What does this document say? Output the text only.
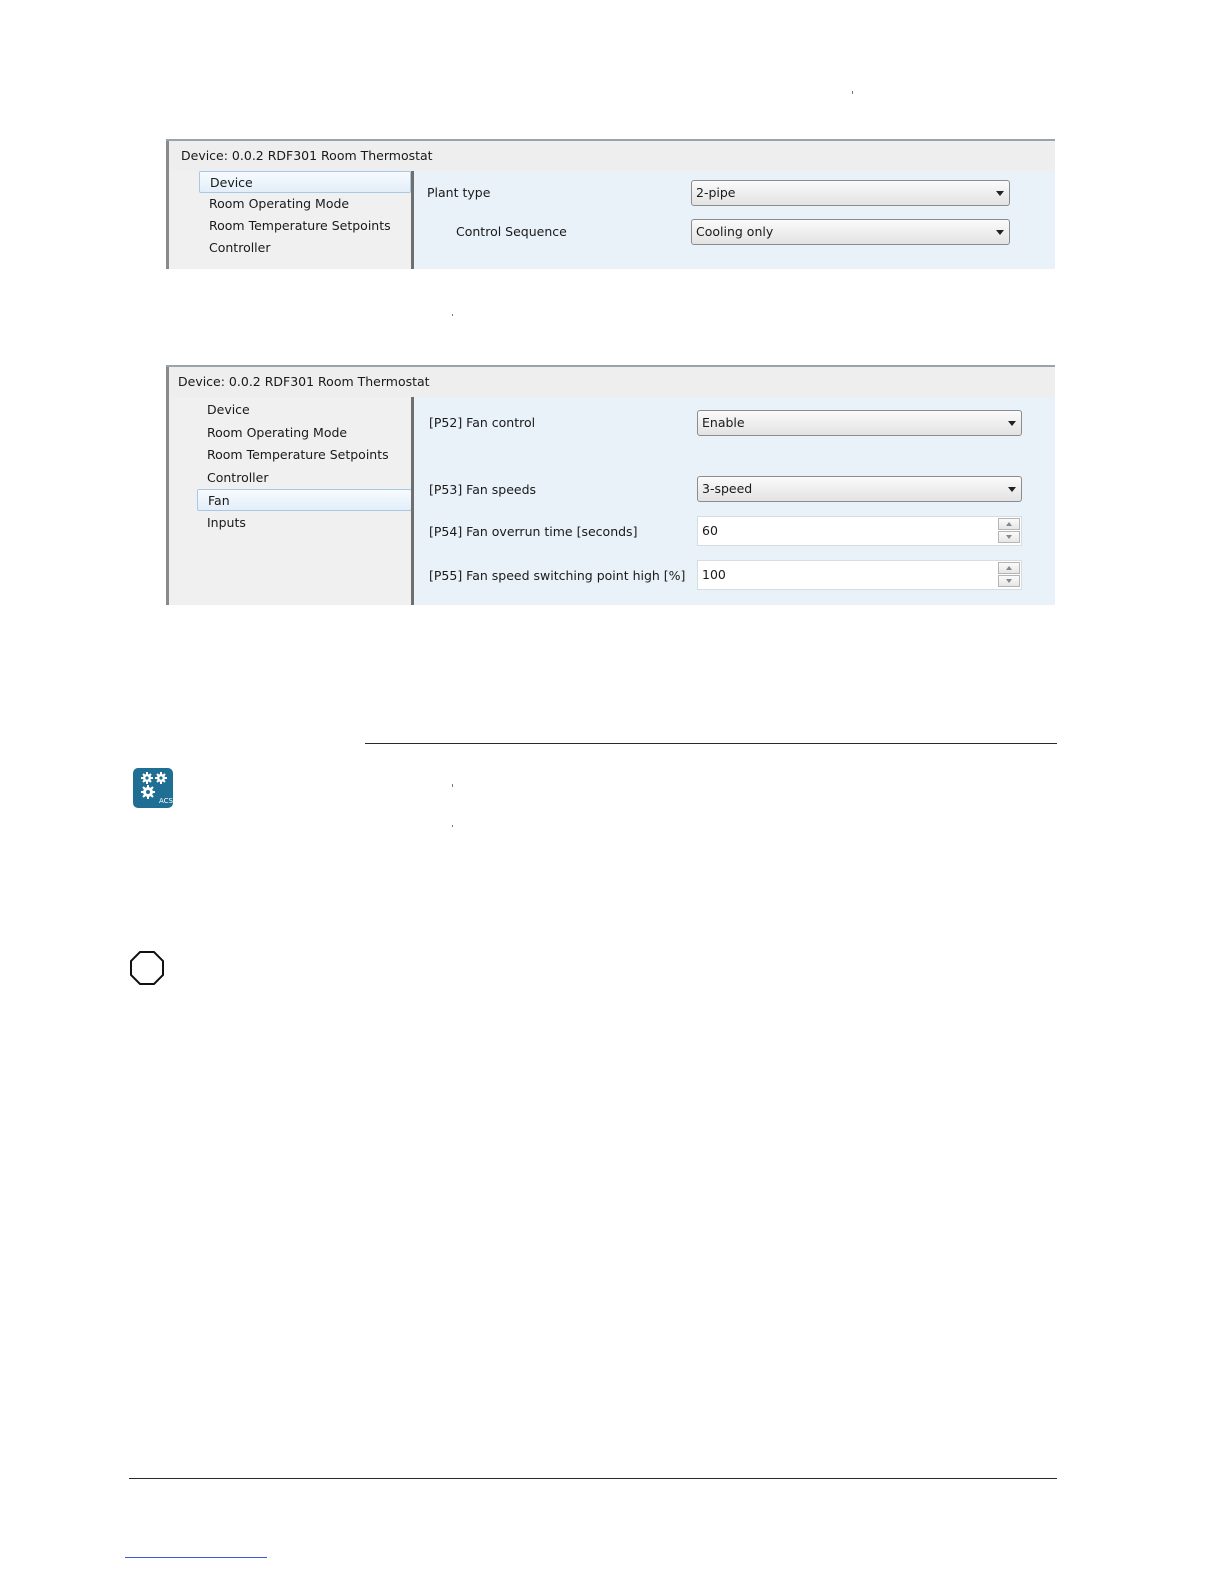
Device: 0.0.2 RDF301 Room Thermostat
Device
Room Operating Mode
Room Temperature Setpoints
Controller
Plant type	2-pipe
Control Sequence	Cooling only
Device: 0.0.2 RDF301 Room Thermostat
Device
Room Operating Mode
Room Temperature Setpoints
Controller
Fan
Inputs
[P52] Fan control	Enable
[P53] Fan speeds	3-speed
[P54] Fan overrun time [seconds]	60
[P55] Fan speed switching point high [%]	100
ACS
